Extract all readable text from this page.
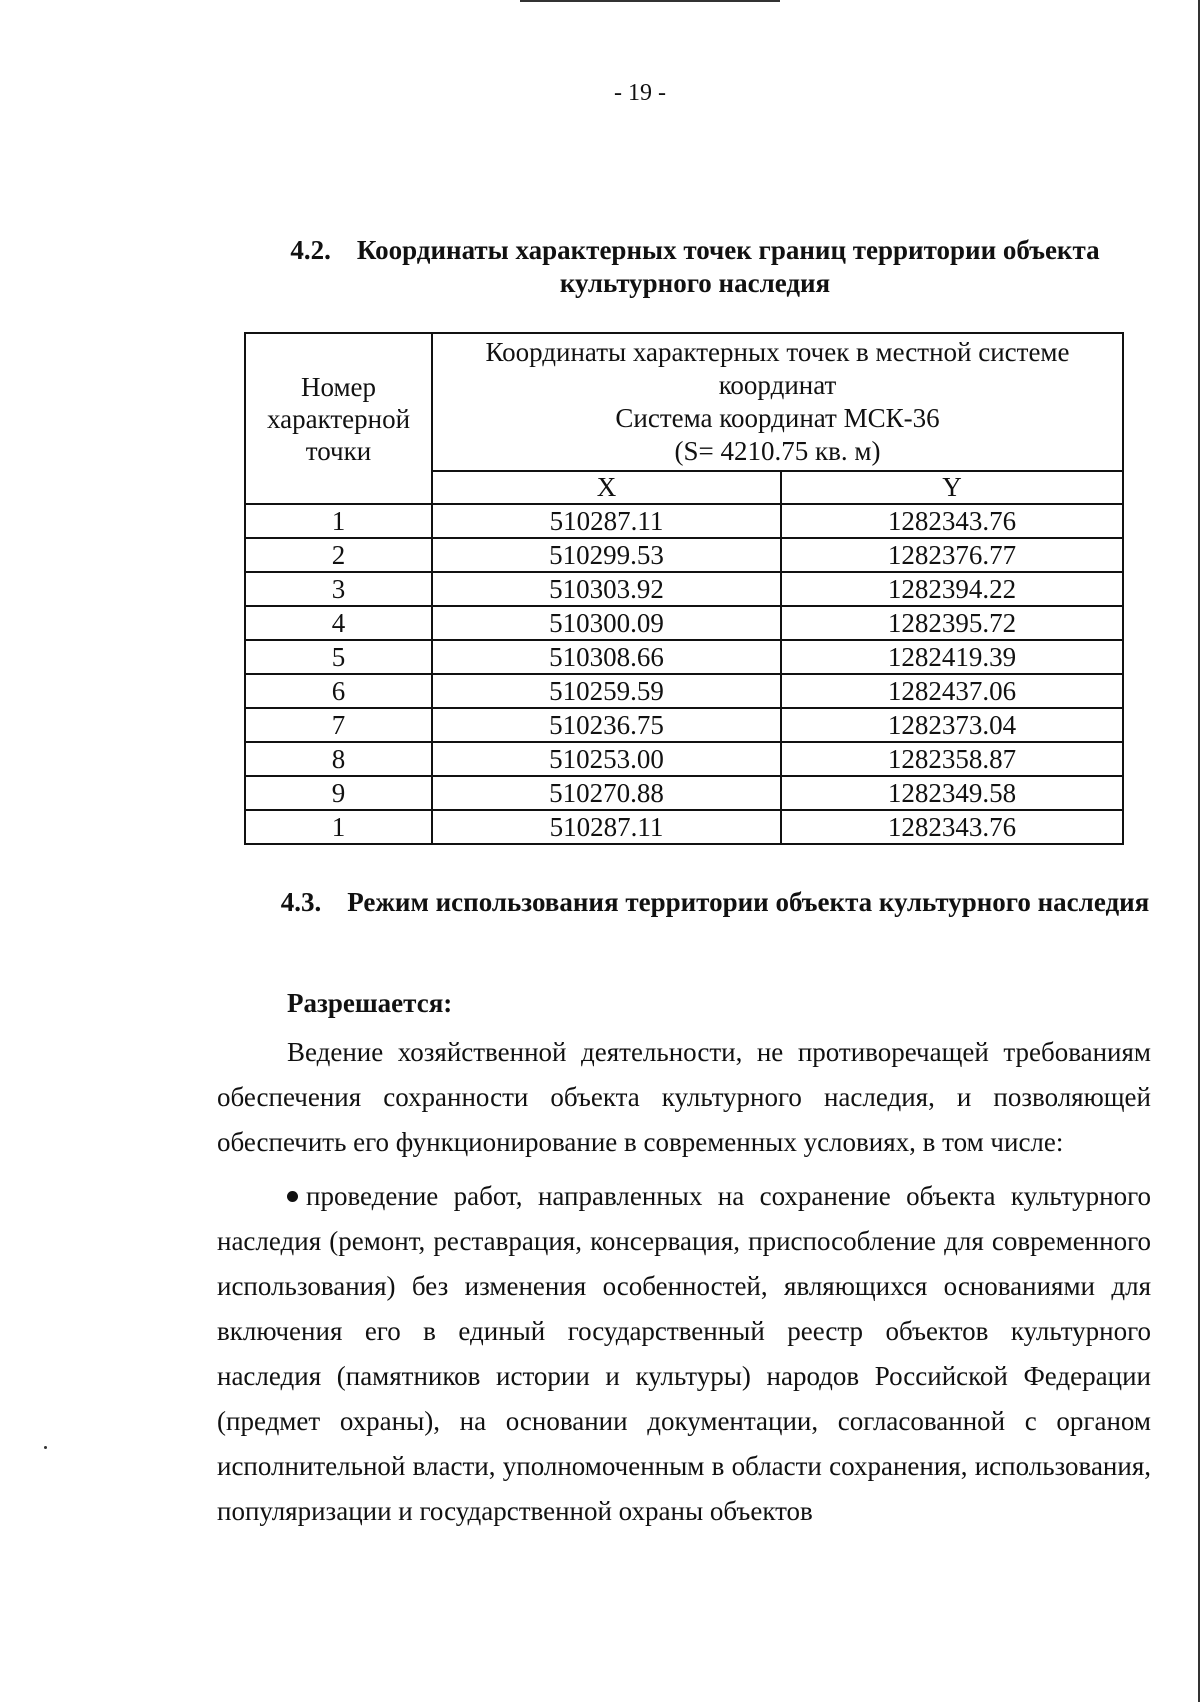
- 19 -
4.2. Координаты характерных точек границ территории объекта культурного наследия
Номер характерной точки	Координаты характерных точек в местной системе координат
Система координат МСК-36
(S= 4210.75 кв. м)	

	X	Y
1	510287.11	1282343.76
2	510299.53	1282376.77
3	510303.92	1282394.22
4	510300.09	1282395.72
5	510308.66	1282419.39
6	510259.59	1282437.06
7	510236.75	1282373.04
8	510253.00	1282358.87
9	510270.88	1282349.58
1	510287.11	1282343.76
4.3. Режим использования территории объекта культурного наследия
Разрешается:

Ведение хозяйственной деятельности, не противоречащей требованиям обеспечения сохранности объекта культурного наследия, и позволяющей обеспечить его функционирование в современных условиях, в том числе:

проведение работ, направленных на сохранение объекта культурного наследия (ремонт, реставрация, консервация, приспособление для современного использования) без изменения особенностей, являющихся основаниями для включения его в единый государственный реестр объектов культурного наследия (памятников истории и культуры) народов Российской Федерации (предмет охраны), на основании документации, согласованной с органом исполнительной власти, уполномоченным в области сохранения, использования, популяризации и государственной охраны объектов
